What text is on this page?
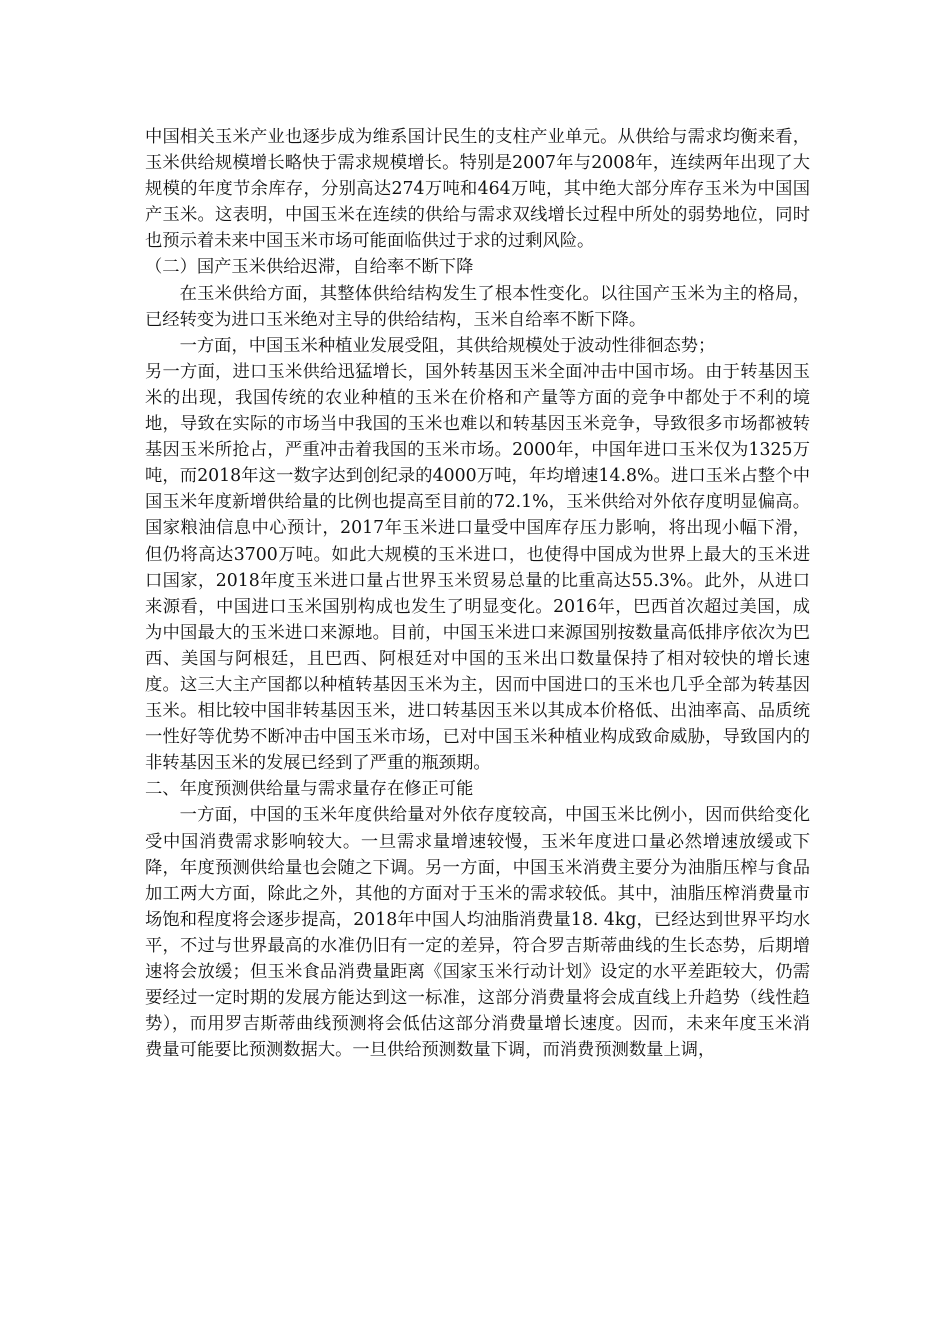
中国相关玉米产业也逐步成为维系国计民生的支柱产业单元。从供给与需求均衡来看，玉米供给规模增长略快于需求规模增长。特别是2007年与2008年，连续两年出现了大规模的年度节余库存，分别高达274万吨和464万吨，其中绝大部分库存玉米为中国国产玉米。这表明，中国玉米在连续的供给与需求双线增长过程中所处的弱势地位，同时也预示着未来中国玉米市场可能面临供过于求的过剩风险。

（二）国产玉米供给迟滞，自给率不断下降

在玉米供给方面，其整体供给结构发生了根本性变化。以往国产玉米为主的格局，已经转变为进口玉米绝对主导的供给结构，玉米自给率不断下降。

一方面，中国玉米种植业发展受阻，其供给规模处于波动性徘徊态势；

另一方面，进口玉米供给迅猛增长，国外转基因玉米全面冲击中国市场。由于转基因玉米的出现，我国传统的农业种植的玉米在价格和产量等方面的竞争中都处于不利的境地，导致在实际的市场当中我国的玉米也难以和转基因玉米竞争，导致很多市场都被转基因玉米所抢占，严重冲击着我国的玉米市场。2000年，中国年进口玉米仅为1325万吨，而2018年这一数字达到创纪录的4000万吨，年均增速14.8%。进口玉米占整个中国玉米年度新增供给量的比例也提高至目前的72.1%，玉米供给对外依存度明显偏高。国家粮油信息中心预计，2017年玉米进口量受中国库存压力影响，将出现小幅下滑，但仍将高达3700万吨。如此大规模的玉米进口，也使得中国成为世界上最大的玉米进口国家，2018年度玉米进口量占世界玉米贸易总量的比重高达55.3%。此外，从进口来源看，中国进口玉米国别构成也发生了明显变化。2016年，巴西首次超过美国，成为中国最大的玉米进口来源地。目前，中国玉米进口来源国别按数量高低排序依次为巴西、美国与阿根廷，且巴西、阿根廷对中国的玉米出口数量保持了相对较快的增长速度。这三大主产国都以种植转基因玉米为主，因而中国进口的玉米也几乎全部为转基因玉米。相比较中国非转基因玉米，进口转基因玉米以其成本价格低、出油率高、品质统一性好等优势不断冲击中国玉米市场，已对中国玉米种植业构成致命威胁，导致国内的非转基因玉米的发展已经到了严重的瓶颈期。

二、年度预测供给量与需求量存在修正可能

一方面，中国的玉米年度供给量对外依存度较高，中国玉米比例小，因而供给变化受中国消费需求影响较大。一旦需求量增速较慢，玉米年度进口量必然增速放缓或下降，年度预测供给量也会随之下调。另一方面，中国玉米消费主要分为油脂压榨与食品加工两大方面，除此之外，其他的方面对于玉米的需求较低。其中，油脂压榨消费量市场饱和程度将会逐步提高，2018年中国人均油脂消费量18. 4kg，已经达到世界平均水平，不过与世界最高的水准仍旧有一定的差异，符合罗吉斯蒂曲线的生长态势，后期增速将会放缓；但玉米食品消费量距离《国家玉米行动计划》设定的水平差距较大，仍需要经过一定时期的发展方能达到这一标准，这部分消费量将会成直线上升趋势（线性趋势），而用罗吉斯蒂曲线预测将会低估这部分消费量增长速度。因而，未来年度玉米消费量可能要比预测数据大。一旦供给预测数量下调，而消费预测数量上调，
